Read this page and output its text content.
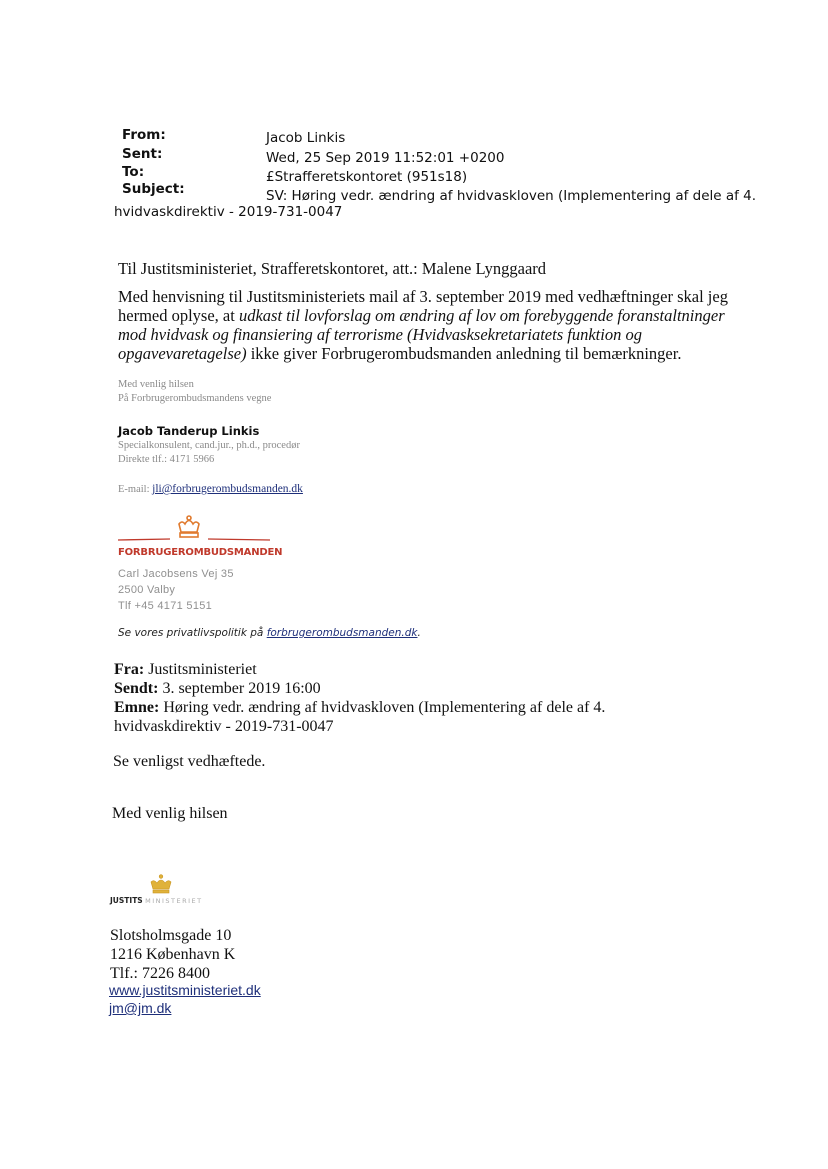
From:	Jacob Linkis
Sent:	Wed, 25 Sep 2019 11:52:01 +0200
To:	£Strafferetskontoret (951s18)
Subject:	SV: Høring vedr. ændring af hvidvaskloven (Implementering af dele af 4.
hvidvaskdirektiv - 2019-731-0047
Til Justitsministeriet, Strafferetskontoret, att.: Malene Lynggaard
Med henvisning til Justitsministeriets mail af 3. september 2019 med vedhæftninger skal jeg
hermed oplyse, at udkast til lovforslag om ændring af lov om forebyggende foranstaltninger
mod hvidvask og finansiering af terrorisme (Hvidvasksekretariatets funktion og
opgavevaretagelse) ikke giver Forbrugerombudsmanden anledning til bemærkninger.
Med venlig hilsen
På Forbrugerombudsmandens vegne
Jacob Tanderup Linkis
Specialkonsulent, cand.jur., ph.d., procedør
Direkte tlf.: 4171 5966
E-mail: jli@forbrugerombudsmanden.dk
FORBRUGEROMBUDSMANDEN
Carl Jacobsens Vej 35
2500 Valby
Tlf +45 4171 5151
Se vores privatlivspolitik på forbrugerombudsmanden.dk.
Fra: Justitsministeriet
Sendt: 3. september 2019 16:00
Emne: Høring vedr. ændring af hvidvaskloven (Implementering af dele af 4.
hvidvaskdirektiv - 2019-731-0047
Se venligst vedhæftede.
Med venlig hilsen
JUSTITS MINISTERIET
Slotsholmsgade 10
1216 København K
Tlf.: 7226 8400
www.justitsministeriet.dk
jm@jm.dk
